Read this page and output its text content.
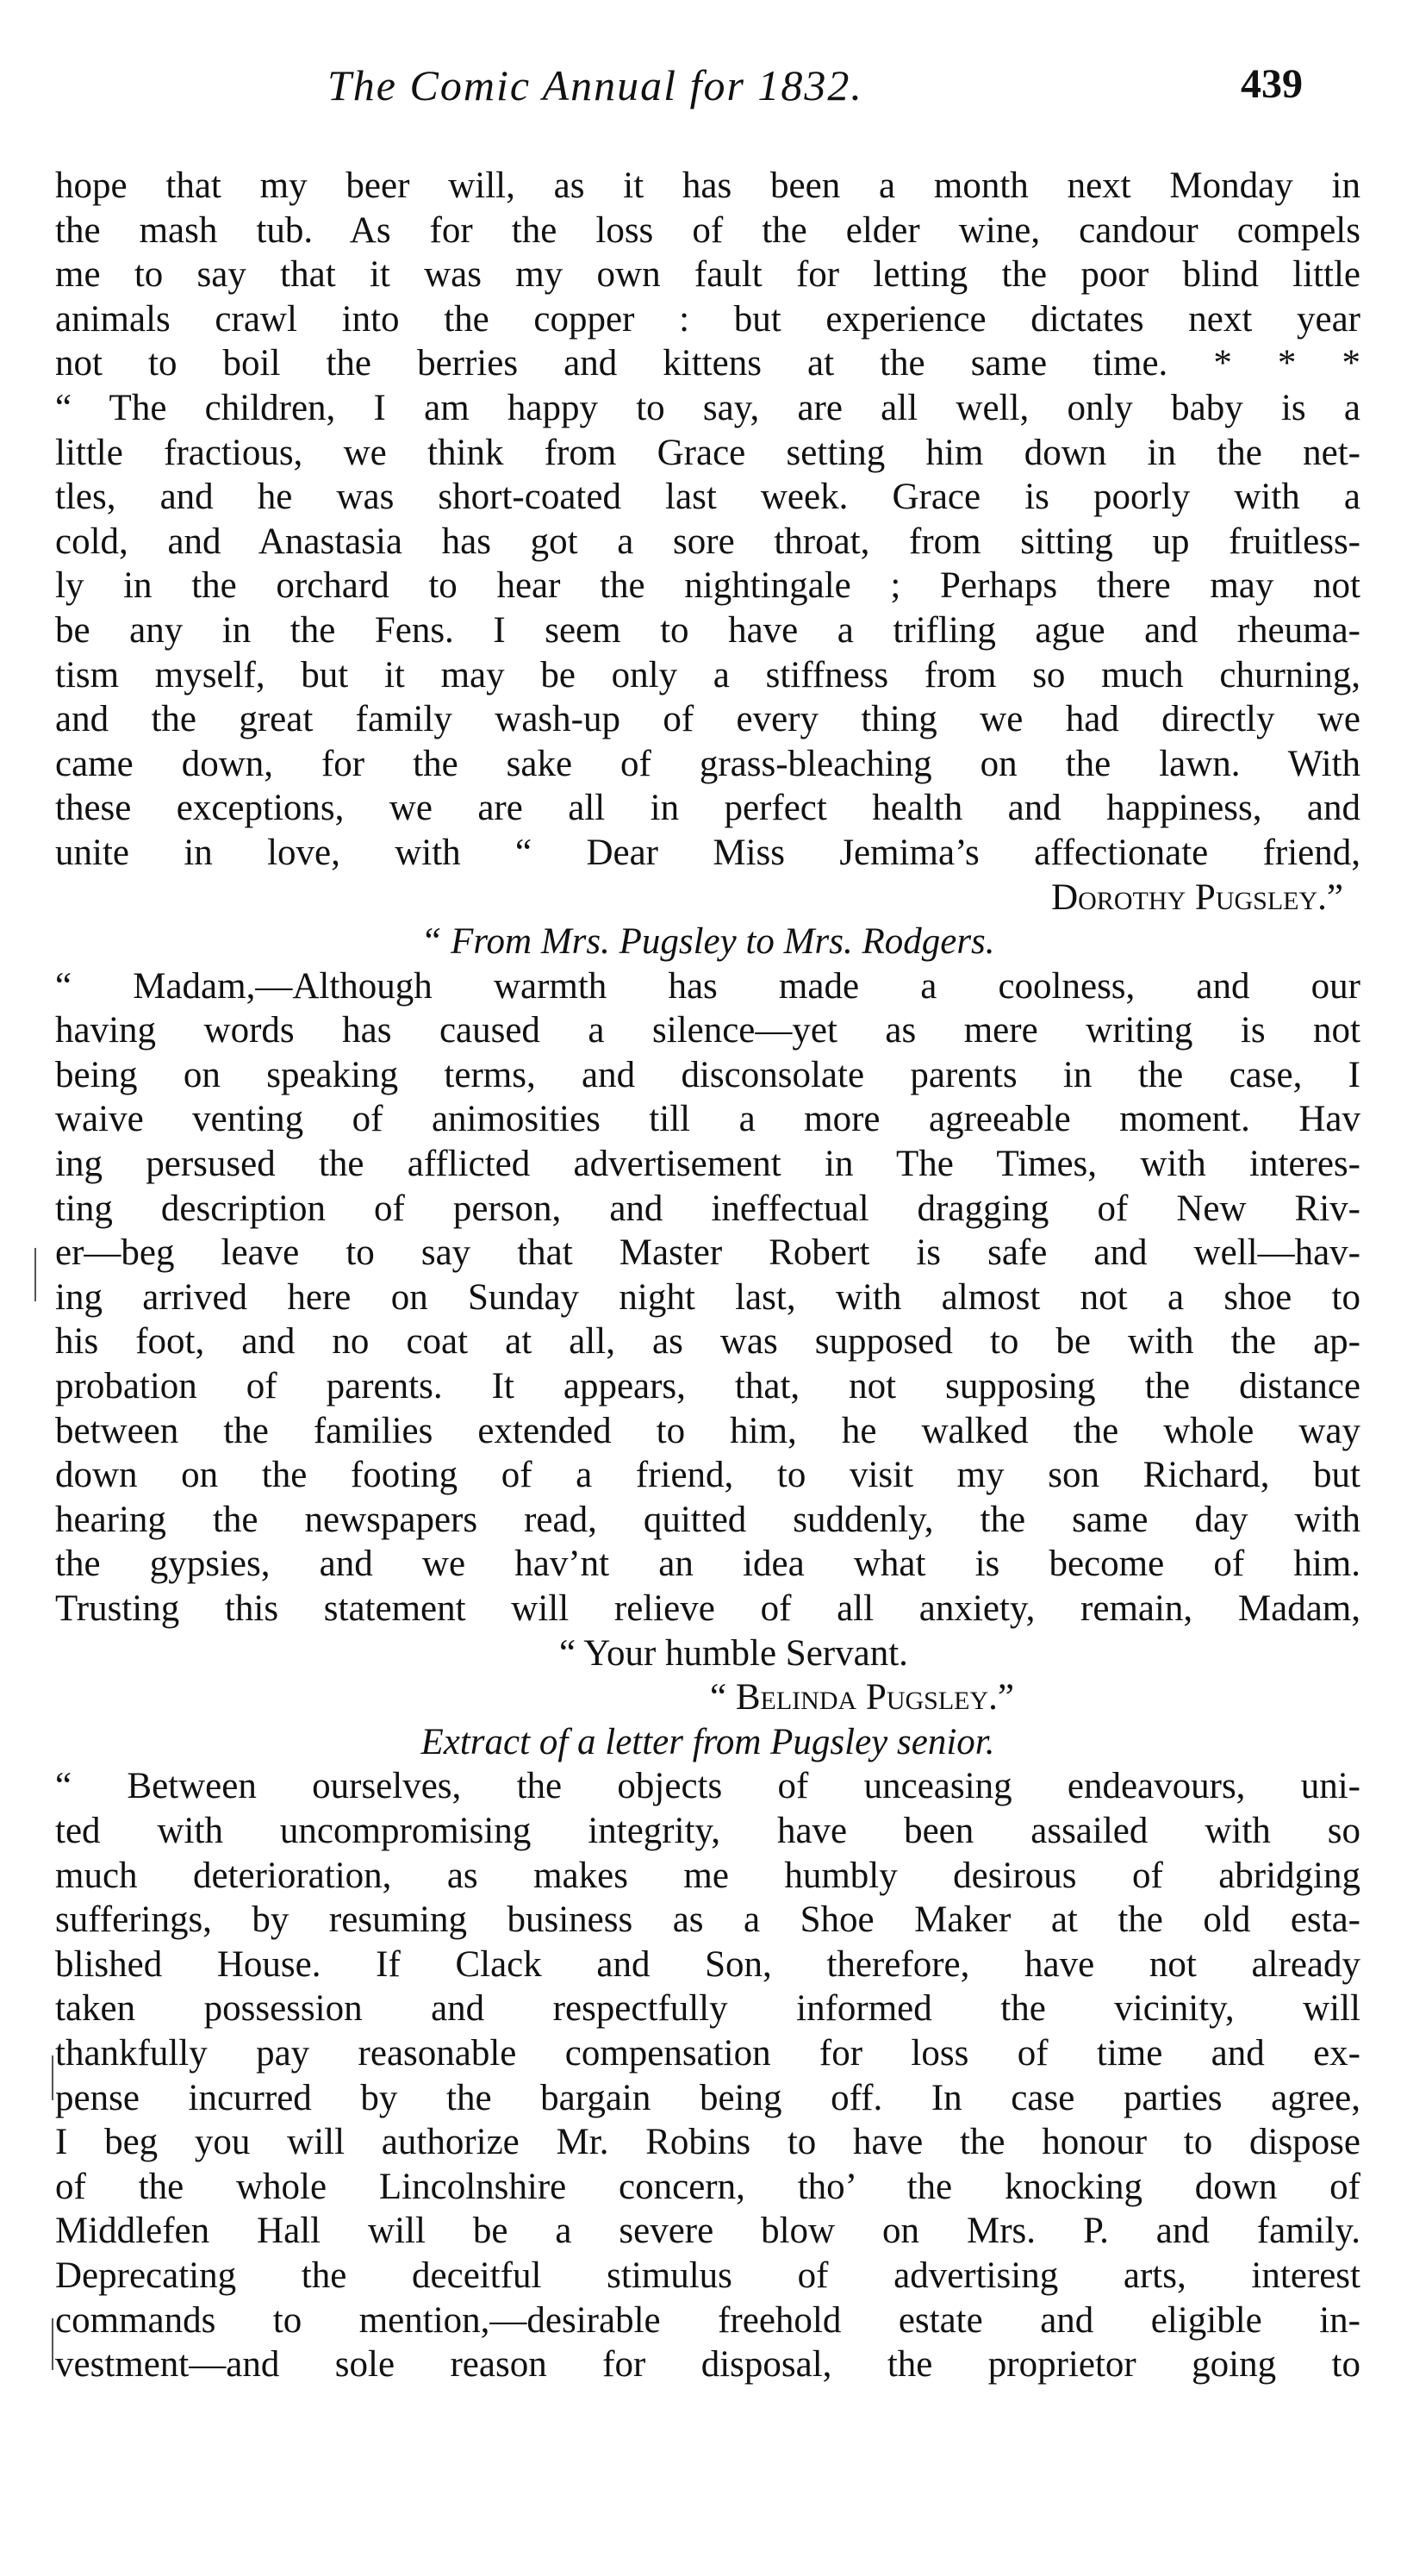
The Comic Annual for 1832.	439
hope that my beer will, as it has been a month next Monday in
the mash tub. As for the loss of the elder wine, candour compels
me to say that it was my own fault for letting the poor blind little
animals crawl into the copper : but experience dictates next year
not to boil the berries and kittens at the same time. * * *
“ The children, I am happy to say, are all well, only baby is a
little fractious, we think from Grace setting him down in the net-
tles, and he was short-coated last week. Grace is poorly with a
cold, and Anastasia has got a sore throat, from sitting up fruitless-
ly in the orchard to hear the nightingale ; Perhaps there may not
be any in the Fens. I seem to have a trifling ague and rheuma-
tism myself, but it may be only a stiffness from so much churning,
and the great family wash-up of every thing we had directly we
came down, for the sake of grass-bleaching on the lawn. With
these exceptions, we are all in perfect health and happiness, and
unite in love, with “ Dear Miss Jemima’s affectionate friend,
Dorothy Pugsley.”
“ From Mrs. Pugsley to Mrs. Rodgers.
“ Madam,—Although warmth has made a coolness, and our
having words has caused a silence—yet as mere writing is not
being on speaking terms, and disconsolate parents in the case, I
waive venting of animosities till a more agreeable moment. Hav
ing persused the afflicted advertisement in The Times, with interes-
ting description of person, and ineffectual dragging of New Riv-
er—beg leave to say that Master Robert is safe and well—hav-
ing arrived here on Sunday night last, with almost not a shoe to
his foot, and no coat at all, as was supposed to be with the ap-
probation of parents. It appears, that, not supposing the distance
between the families extended to him, he walked the whole way
down on the footing of a friend, to visit my son Richard, but
hearing the newspapers read, quitted suddenly, the same day with
the gypsies, and we hav’nt an idea what is become of him.
Trusting this statement will relieve of all anxiety, remain, Madam,
“ Your humble Servant.
“ Belinda Pugsley.”
Extract of a letter from Pugsley senior.
“ Between ourselves, the objects of unceasing endeavours, uni-
ted with uncompromising integrity, have been assailed with so
much deterioration, as makes me humbly desirous of abridging
sufferings, by resuming business as a Shoe Maker at the old esta-
blished House. If Clack and Son, therefore, have not already
taken possession and respectfully informed the vicinity, will
thankfully pay reasonable compensation for loss of time and ex-
pense incurred by the bargain being off. In case parties agree,
I beg you will authorize Mr. Robins to have the honour to dispose
of the whole Lincolnshire concern, tho’ the knocking down of
Middlefen Hall will be a severe blow on Mrs. P. and family.
Deprecating the deceitful stimulus of advertising arts, interest
commands to mention,—desirable freehold estate and eligible in-
vestment—and sole reason for disposal, the proprietor going to
